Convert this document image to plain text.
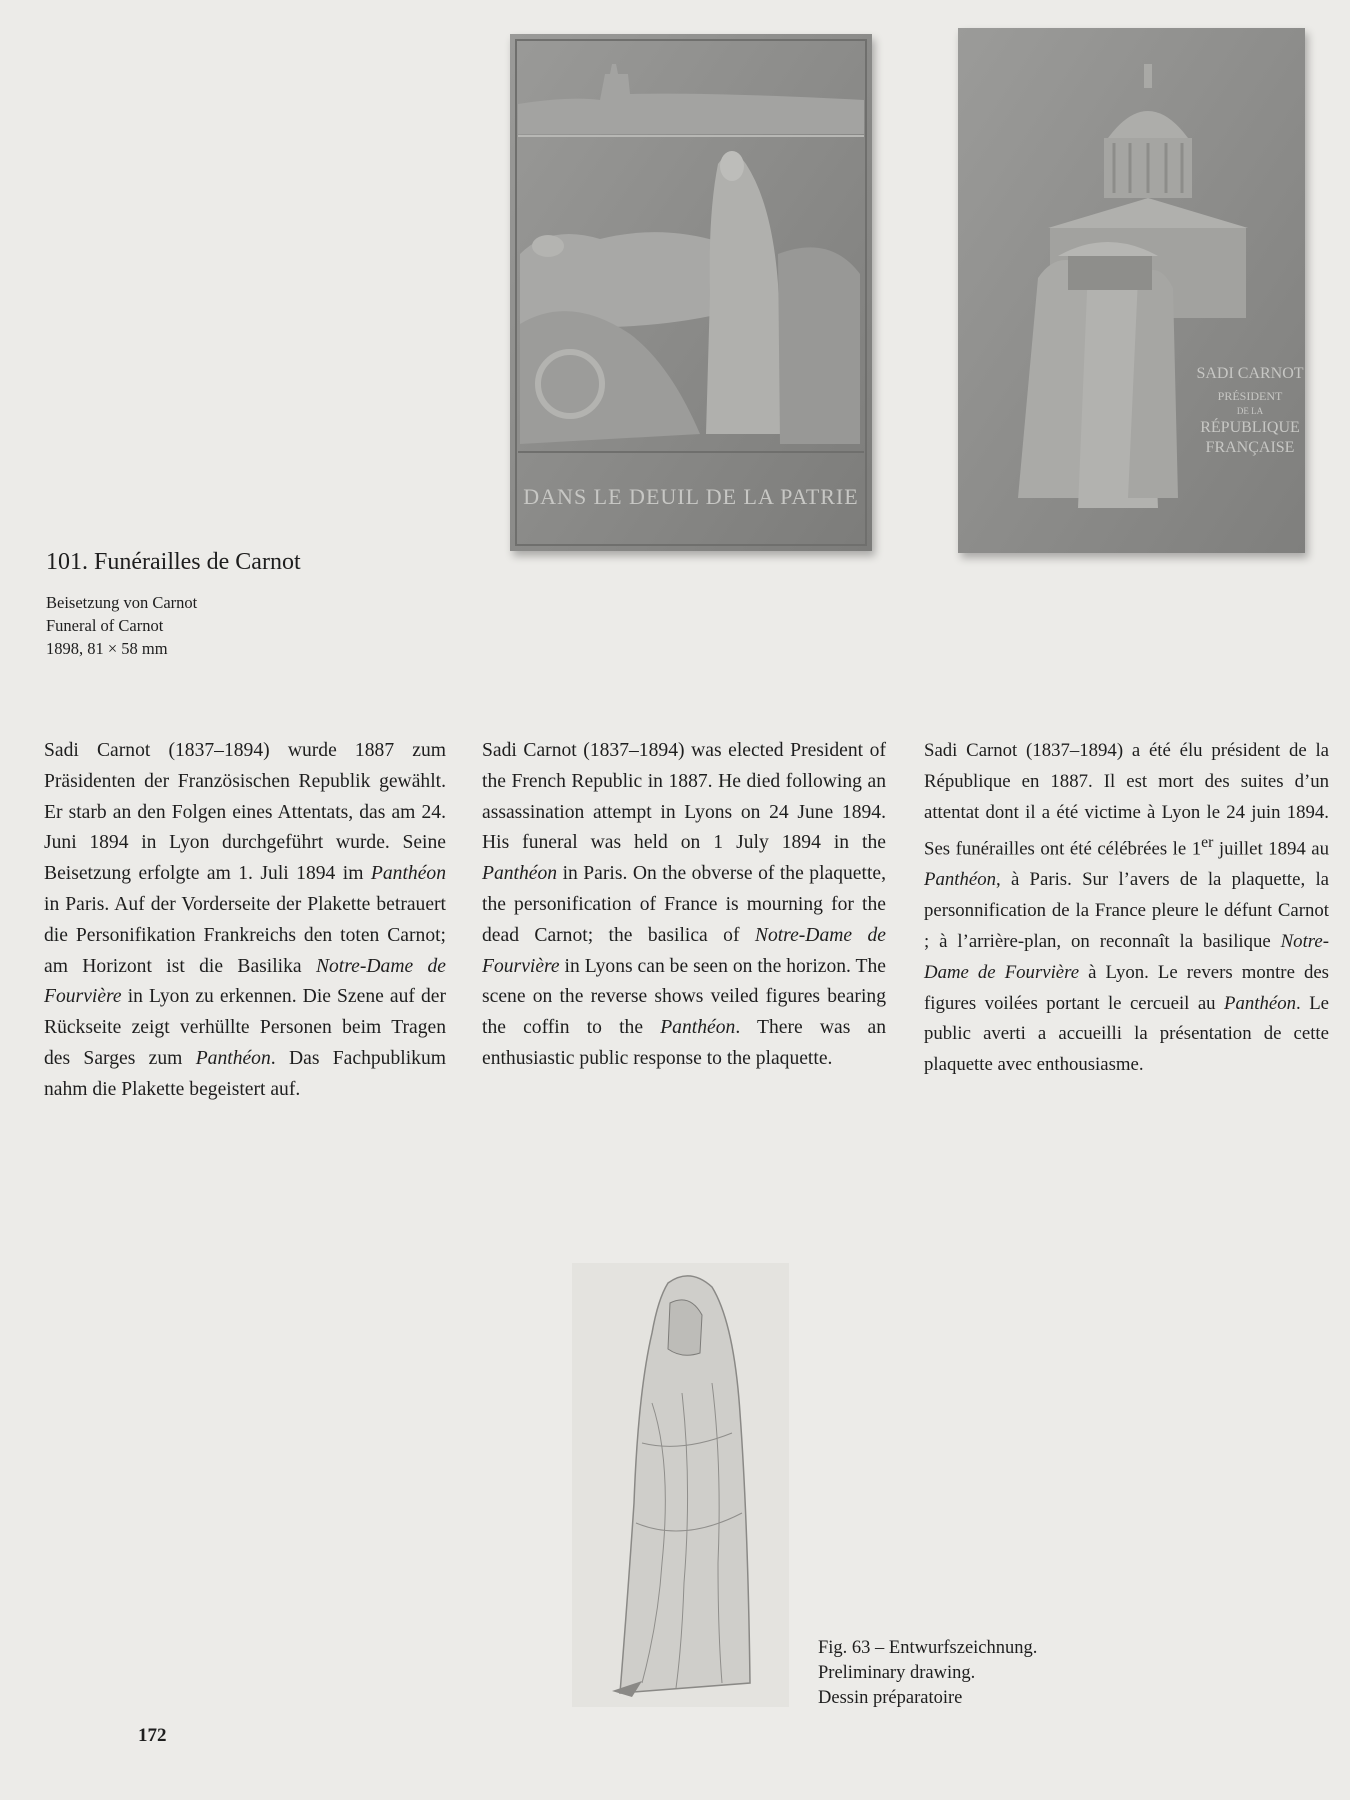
DANS LE DEUIL DE LA PATRIE
SADI CARNOT
PRÉSIDENT
DE LA
RÉPUBLIQUE
FRANÇAISE
101. Funérailles de Carnot
Beisetzung von Carnot
Funeral of Carnot
1898, 81 × 58 mm

Sadi Carnot (1837–1894) wurde 1887 zum Präsidenten der Französischen Republik gewählt. Er starb an den Folgen eines Attentats, das am 24. Juni 1894 in Lyon durchgeführt wurde. Seine Beisetzung erfolgte am 1. Juli 1894 im Panthéon in Paris. Auf der Vorderseite der Plakette betrauert die Personifikation Frankreichs den toten Carnot; am Horizont ist die Basilika Notre-Dame de Fourvière in Lyon zu erkennen. Die Szene auf der Rückseite zeigt verhüllte Personen beim Tragen des Sarges zum Panthéon. Das Fachpublikum nahm die Plakette begeistert auf.

Sadi Carnot (1837–1894) was elected President of the French Republic in 1887. He died following an assassination attempt in Lyons on 24 June 1894. His funeral was held on 1 July 1894 in the Panthéon in Paris. On the obverse of the plaquette, the personification of France is mourning for the dead Carnot; the basilica of Notre-Dame de Fourvière in Lyons can be seen on the horizon. The scene on the reverse shows veiled figures bearing the coffin to the Panthéon. There was an enthusiastic public response to the plaquette.

Sadi Carnot (1837–1894) a été élu président de la République en 1887. Il est mort des suites d’un attentat dont il a été victime à Lyon le 24 juin 1894. Ses funérailles ont été célébrées le 1er juillet 1894 au Panthéon, à Paris. Sur l’avers de la plaquette, la personnification de la France pleure le défunt Carnot ; à l’arrière-plan, on reconnaît la basilique Notre-Dame de Fourvière à Lyon. Le revers montre des figures voilées portant le cercueil au Panthéon. Le public averti a accueilli la présentation de cette plaquette avec enthousiasme.

Fig. 63 – Entwurfszeichnung.
Preliminary drawing.
Dessin préparatoire
172
